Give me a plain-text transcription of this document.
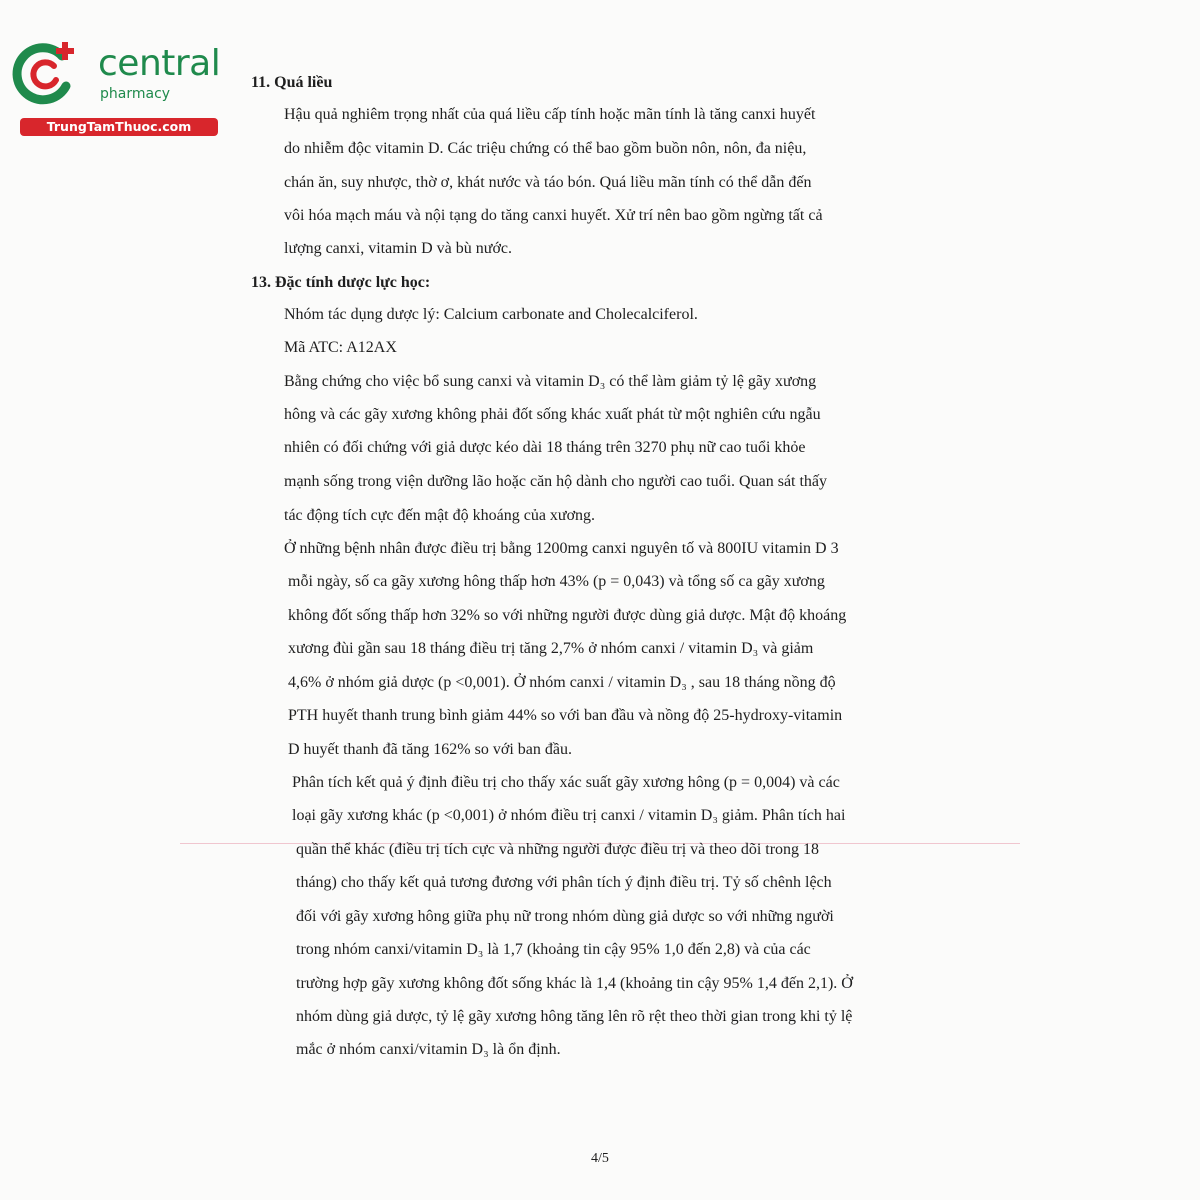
central
pharmacy
TrungTamThuoc.com
11. Quá liều
Hậu quả nghiêm trọng nhất của quá liều cấp tính hoặc mãn tính là tăng canxi huyết
do nhiễm độc vitamin D. Các triệu chứng có thể bao gồm buồn nôn, nôn, đa niệu,
chán ăn, suy nhược, thờ ơ, khát nước và táo bón. Quá liều mãn tính có thể dẫn đến
vôi hóa mạch máu và nội tạng do tăng canxi huyết. Xử trí nên bao gồm ngừng tất cả
lượng canxi, vitamin D và bù nước.
13. Đặc tính dược lực học:
Nhóm tác dụng dược lý: Calcium carbonate and Cholecalciferol.
Mã ATC: A12AX
Bằng chứng cho việc bổ sung canxi và vitamin D₃ có thể làm giảm tỷ lệ gãy xương
hông và các gãy xương không phải đốt sống khác xuất phát từ một nghiên cứu ngẫu
nhiên có đối chứng với giả dược kéo dài 18 tháng trên 3270 phụ nữ cao tuổi khỏe
mạnh sống trong viện dưỡng lão hoặc căn hộ dành cho người cao tuổi. Quan sát thấy
tác động tích cực đến mật độ khoáng của xương.
Ở những bệnh nhân được điều trị bằng 1200mg canxi nguyên tố và 800IU vitamin D 3
mỗi ngày, số ca gãy xương hông thấp hơn 43% (p = 0,043) và tổng số ca gãy xương
không đốt sống thấp hơn 32% so với những người được dùng giả dược. Mật độ khoáng
xương đùi gần sau 18 tháng điều trị tăng 2,7% ở nhóm canxi / vitamin D₃ và giảm
4,6% ở nhóm giả dược (p <0,001). Ở nhóm canxi / vitamin D₃ , sau 18 tháng nồng độ
PTH huyết thanh trung bình giảm 44% so với ban đầu và nồng độ 25-hydroxy-vitamin
D huyết thanh đã tăng 162% so với ban đầu.
Phân tích kết quả ý định điều trị cho thấy xác suất gãy xương hông (p = 0,004) và các
loại gãy xương khác (p <0,001) ở nhóm điều trị canxi / vitamin D₃ giảm. Phân tích hai
quần thể khác (điều trị tích cực và những người được điều trị và theo dõi trong 18
tháng) cho thấy kết quả tương đương với phân tích ý định điều trị. Tỷ số chênh lệch
đối với gãy xương hông giữa phụ nữ trong nhóm dùng giả dược so với những người
trong nhóm canxi/vitamin D₃ là 1,7 (khoảng tin cậy 95% 1,0 đến 2,8) và của các
trường hợp gãy xương không đốt sống khác là 1,4 (khoảng tin cậy 95% 1,4 đến 2,1). Ở
nhóm dùng giả dược, tỷ lệ gãy xương hông tăng lên rõ rệt theo thời gian trong khi tỷ lệ
mắc ở nhóm canxi/vitamin D₃ là ổn định.
4/5
